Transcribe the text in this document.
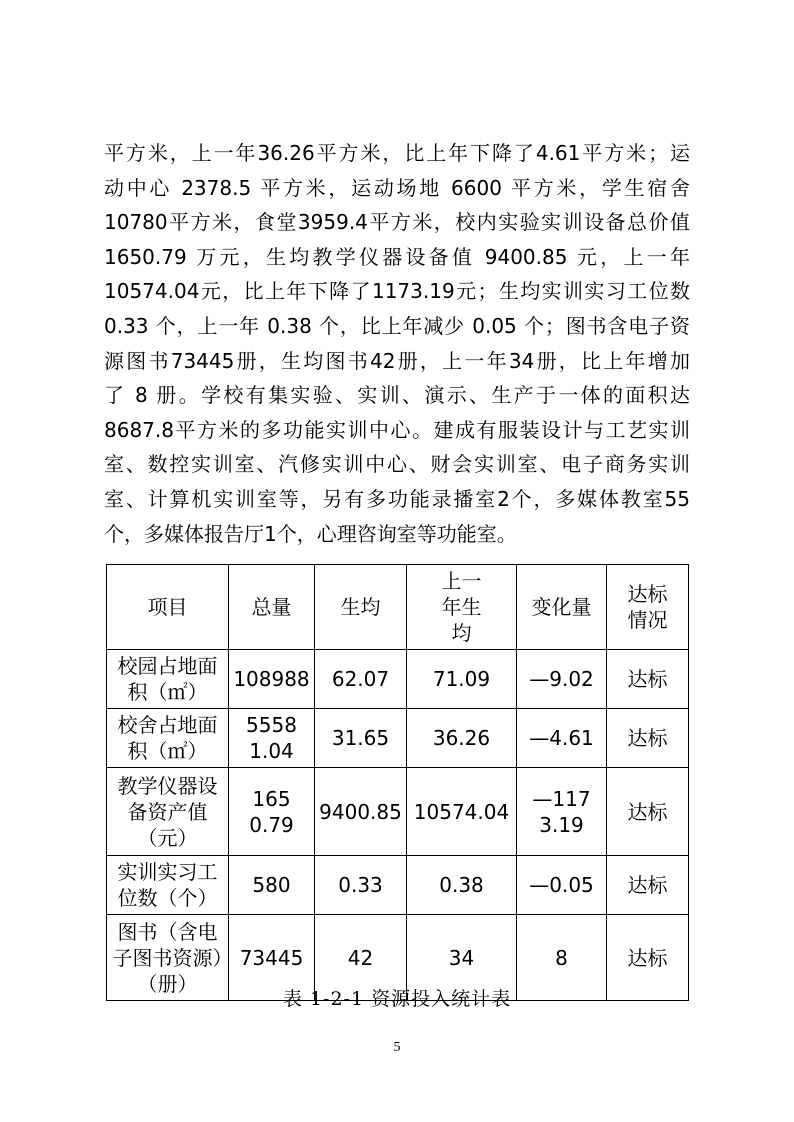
平方米，上一年36.26平方米，比上年下降了4.61平方米；运
动中心 2378.5 平方米，运动场地 6600 平方米，学生宿舍
10780平方米，食堂3959.4平方米，校内实验实训设备总价值
1650.79 万元，生均教学仪器设备值 9400.85 元，上一年
10574.04元，比上年下降了1173.19元；生均实训实习工位数
0.33 个，上一年 0.38 个，比上年减少 0.05 个；图书含电子资
源图书73445册，生均图书42册，上一年34册，比上年增加
了 8 册。学校有集实验、实训、演示、生产于一体的面积达
8687.8平方米的多功能实训中心。建成有服装设计与工艺实训
室、数控实训室、汽修实训中心、财会实训室、电子商务实训
室、计算机实训室等，另有多功能录播室2个，多媒体教室55
个，多媒体报告厅1个，心理咨询室等功能室。
项目	总量	生均	上一年生均	变化量	达标情况
校园占地面积（㎡）	108988	62.07	71.09	—9.02	达标
校舍占地面积（㎡）	55581.04	31.65	36.26	—4.61	达标
教学仪器设备资产值（元）	1650.79	9400.85	10574.04	—1173.19	达标
实训实习工位数（个）	580	0.33	0.38	—0.05	达标
图书（含电子图书资源）（册）	73445	42	34	8	达标
表 1-2-1 资源投入统计表
5
